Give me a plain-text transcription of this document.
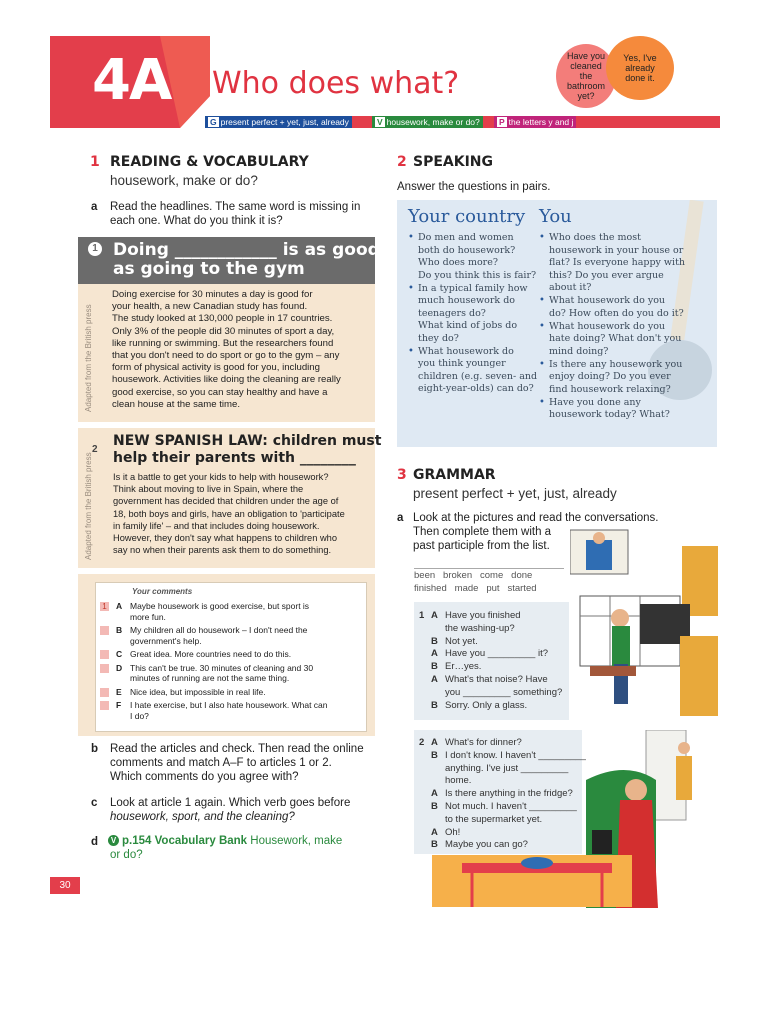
4A Who does what?
Have you cleaned the bathroom yet?
Yes, I've already done it.
G present perfect + yet, just, already	V housework, make or do?	P the letters y and j
1 READING & VOCABULARY
housework, make or do?
a Read the headlines. The same word is missing in
each one. What do you think it is?
1 Doing ____________ is as good
as going to the gym
Adapted from the British press
Doing exercise for 30 minutes a day is good for
your health, a new Canadian study has found.
The study looked at 130,000 people in 17 countries.
Only 3% of the people did 30 minutes of sport a day,
like running or swimming. But the researchers found
that you don't need to do sport or go to the gym – any
form of physical activity is good for you, including
housework. Activities like doing the cleaning are really
good exercise, so you can stay healthy and have a
clean house at the same time.
Adapted from the British press
2
NEW SPANISH LAW: children must
help their parents with ________
Is it a battle to get your kids to help with housework?
Think about moving to live in Spain, where the
government has decided that children under the age of
18, both boys and girls, have an obligation to 'participate
in family life' – and that includes doing housework.
However, they don't say what happens to children who
say no when their parents ask them to do something.
Your comments
1 A Maybe housework is good exercise, but sport is
more fun.
B My children all do housework – I don't need the
government's help.
C Great idea. More countries need to do this.
D This can't be true. 30 minutes of cleaning and 30
minutes of running are not the same thing.
E Nice idea, but impossible in real life.
F I hate exercise, but I also hate housework. What can
I do?
b Read the articles and check. Then read the online
comments and match A–F to articles 1 or 2.
Which comments do you agree with?
c Look at article 1 again. Which verb goes before
housework, sport, and the cleaning?
d	V p.154 Vocabulary Bank Housework, make
or do?
2 SPEAKING
Answer the questions in pairs.
Your country You
• Do men and women
both do housework?
Who does more?
Do you think this is fair?
• In a typical family how
much housework do
teenagers do?
What kind of jobs do
they do?
• What housework do
you think younger
children (e.g. seven- and
eight-year-olds) can do?
• Who does the most
housework in your house or
flat? Is everyone happy with
this? Do you ever argue
about it?
• What housework do you
do? How often do you do it?
• What housework do you
hate doing? What don't you
mind doing?
• Is there any housework you
enjoy doing? Do you ever
find housework relaxing?
• Have you done any
housework today? What?
3 GRAMMAR
present perfect + yet, just, already
a Look at the pictures and read the conversations.
Then complete them with a
past participle from the list.
been   broken   come   done
finished   made   put   started
1 A Have you finished
the washing-up?
B Not yet.
A Have you _________ it?
B Er…yes.
A What's that noise? Have
you _________ something?
B Sorry. Only a glass.
2 A What's for dinner?
B I don't know. I haven't _________
anything. I've just _________
home.
A Is there anything in the fridge?
B Not much. I haven't _________
to the supermarket yet.
A Oh!
B Maybe you can go?
30
